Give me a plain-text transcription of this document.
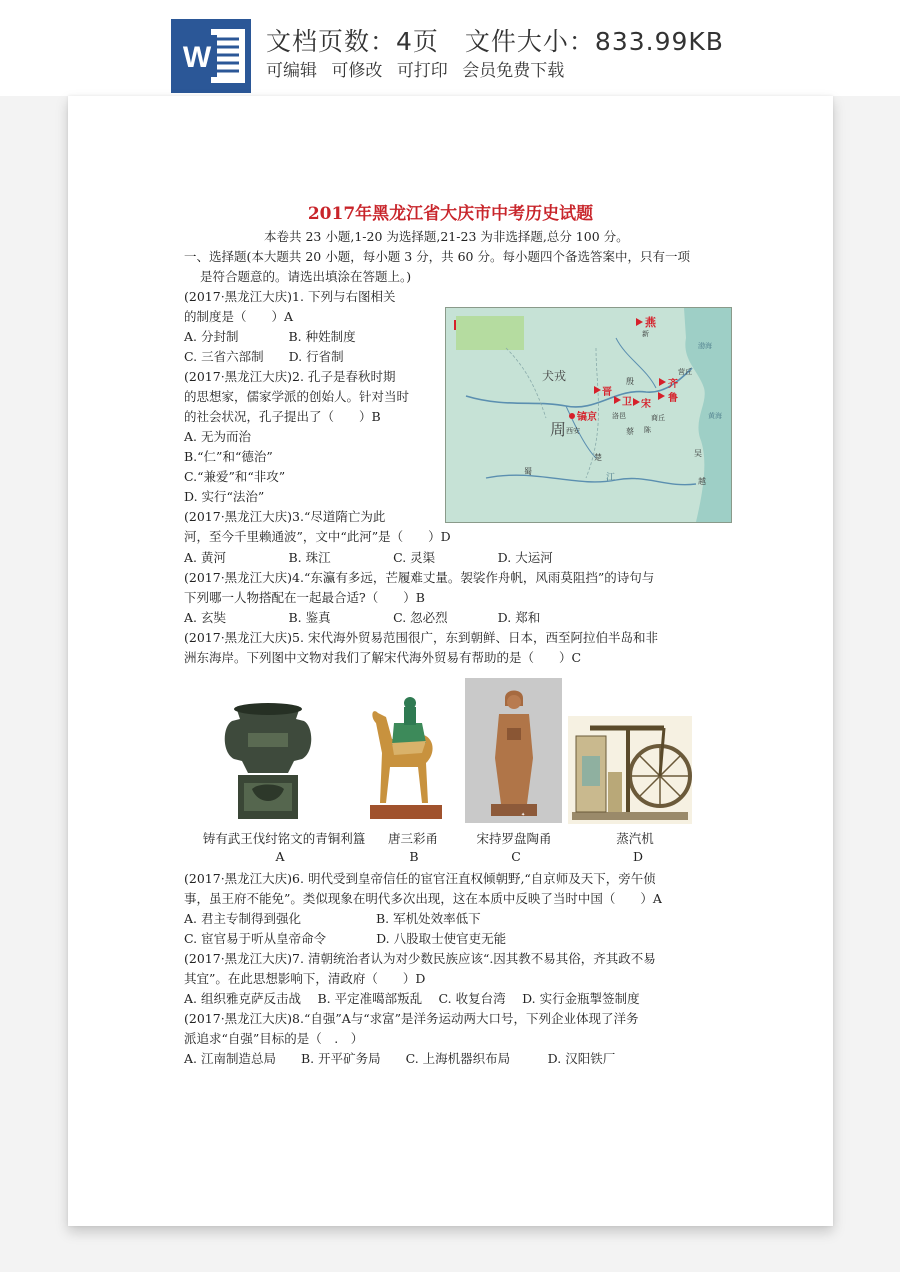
W 文档页数：4页 文件大小：833.99KB
可编辑 可修改 可打印 会员免费下载
2017年黑龙江省大庆市中考历史试题
本卷共 23 小题,1-20 为选择题,21-23 为非选择题,总分 100 分。
一、选择题(本大题共 20 小题，每小题 3 分，共 60 分。每小题四个备选答案中，只有一项
是符合题意的。请选出填涂在答题上。)
(2017·黑龙江大庆)1. 下列与右图相关
的制度是（　　）A
A. 分封制　　　　B. 种姓制度
C. 三省六部制　　D. 行省制
(2017·黑龙江大庆)2. 孔子是春秋时期
的思想家，儒家学派的创始人。针对当时
的社会状况，孔子提出了（　　）B
A. 无为而治
B.“仁”和“德治”
C.“兼爱”和“非攻”
D. 实行“法治”
(2017·黑龙江大庆)3.“尽道隋亡为此
河，至今千里赖通波”，文中“此河”是（　　）D
A. 黄河　　　　　B. 珠江　　　　　C. 灵渠　　　　　D. 大运河
(2017·黑龙江大庆)4.“东瀛有多远，芒履难丈量。袈裟作舟帆，风雨莫阻挡”的诗句与
下列哪一人物搭配在一起最合适?（　　）B
A. 玄奘　　　　　B. 鉴真　　　　　C. 忽必烈　　　　D. 郑和
(2017·黑龙江大庆)5. 宋代海外贸易范围很广，东到朝鲜、日本，西至阿拉伯半岛和非
洲东海岸。下列图中文物对我们了解宋代海外贸易有帮助的是（　　）C
燕
犬戎
晋
卫 宋
鲁
齐
镐京
周 西安
洛邑
殷
商丘
营丘
蔡
楚
蜀
吴
越
新
渤海
陈
江
黄海
✦
铸有武王伐纣铭文的青铜利簋	唐三彩甬	宋持罗盘陶甬	蒸汽机
A	B	C	D
(2017·黑龙江大庆)6. 明代受到皇帝信任的宦官汪直权倾朝野,“自京师及天下，旁午侦
事，虽王府不能免”。类似现象在明代多次出现，这在本质中反映了当时中国（　　）A
A. 君主专制得到强化　　　　　　B. 军机处效率低下
C. 宦官易于听从皇帝命令　　　　D. 八股取士使官吏无能
(2017·黑龙江大庆)7. 清朝统治者认为对少数民族应该“.因其教不易其俗，齐其政不易
其宜”。在此思想影响下，清政府（　　）D
A. 组织雅克萨反击战　 B. 平定准噶部叛乱　 C. 收复台湾　 D. 实行金瓶掣签制度
(2017·黑龙江大庆)8.“自强”A与“求富”是洋务运动两大口号，下列企业体现了洋务
派追求“自强”目标的是（　.　）
A. 江南制造总局　　B. 开平矿务局　　C. 上海机器织布局　　　D. 汉阳铁厂
